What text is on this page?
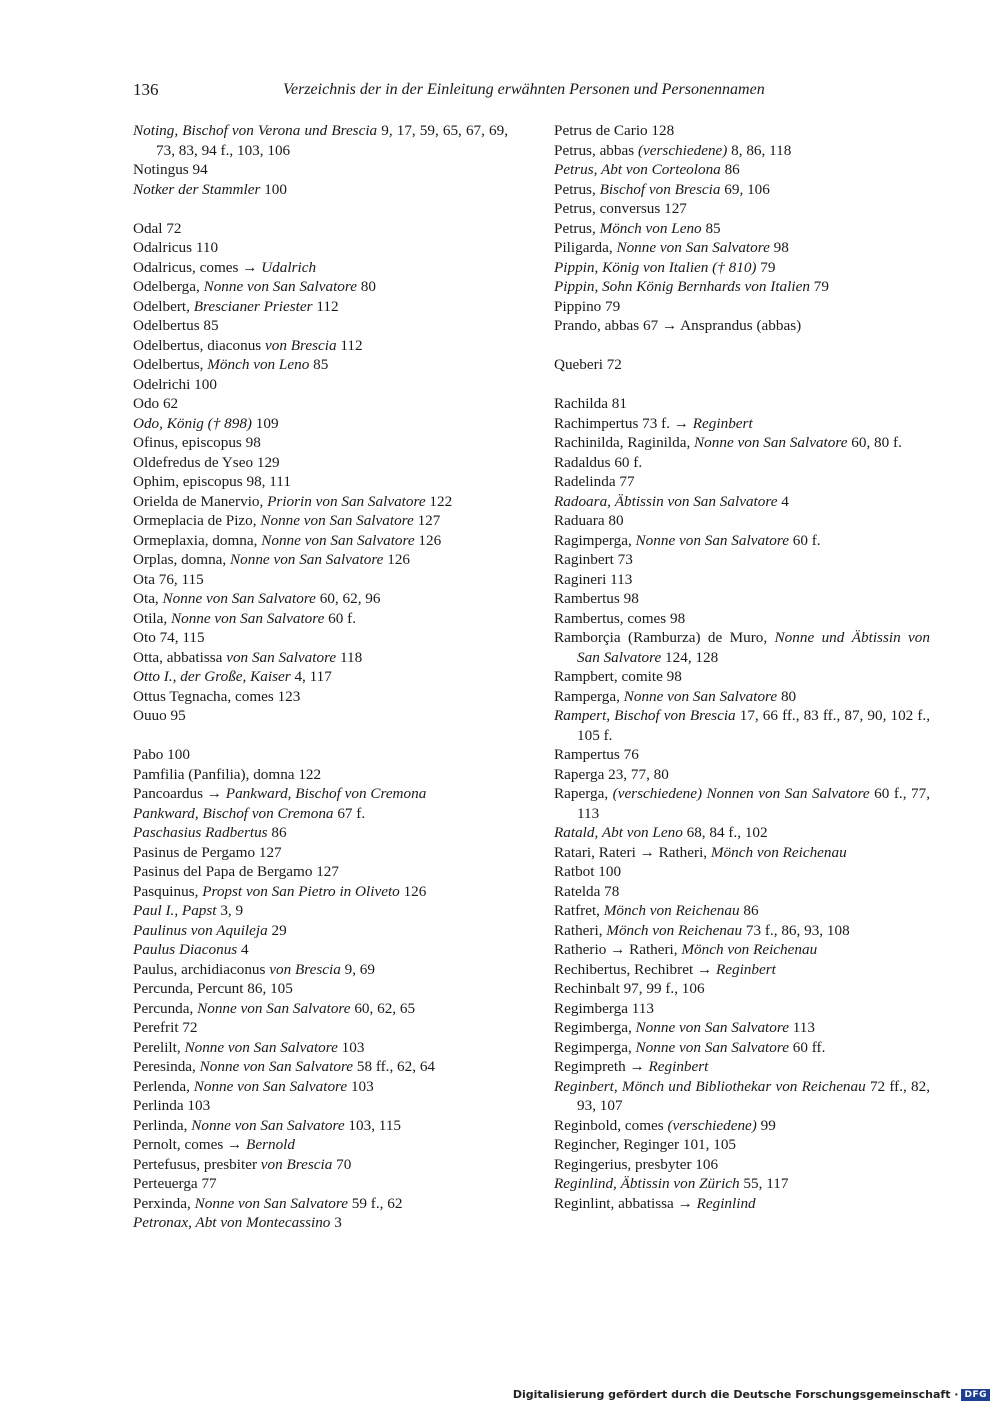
136	Verzeichnis der in der Einleitung erwähnten Personen und Personennamen
Noting, Bischof von Verona und Brescia 9, 17, 59, 65, 67, 69, 73, 83, 94 f., 103, 106
Notingus 94
Notker der Stammler 100
Odal 72
Odalricus 110
Odalricus, comes → Udalrich
Odelberga, Nonne von San Salvatore 80
Odelbert, Brescianer Priester 112
Odelbertus 85
Odelbertus, diaconus von Brescia 112
Odelbertus, Mönch von Leno 85
Odelrichi 100
Odo 62
Odo, König († 898) 109
Ofinus, episcopus 98
Oldefredus de Yseo 129
Ophim, episcopus 98, 111
Orielda de Manervio, Priorin von San Salvatore 122
Ormeplacia de Pizo, Nonne von San Salvatore 127
Ormeplaxia, domna, Nonne von San Salvatore 126
Orplas, domna, Nonne von San Salvatore 126
Ota 76, 115
Ota, Nonne von San Salvatore 60, 62, 96
Otila, Nonne von San Salvatore 60 f.
Oto 74, 115
Otta, abbatissa von San Salvatore 118
Otto I., der Große, Kaiser 4, 117
Ottus Tegnacha, comes 123
Ouuo 95
Pabo 100
Pamfilia (Panfilia), domna 122
Pancoardus → Pankward, Bischof von Cremona
Pankward, Bischof von Cremona 67 f.
Paschasius Radbertus 86
Pasinus de Pergamo 127
Pasinus del Papa de Bergamo 127
Pasquinus, Propst von San Pietro in Oliveto 126
Paul I., Papst 3, 9
Paulinus von Aquileja 29
Paulus Diaconus 4
Paulus, archidiaconus von Brescia 9, 69
Percunda, Percunt 86, 105
Percunda, Nonne von San Salvatore 60, 62, 65
Perefrit 72
Perelilt, Nonne von San Salvatore 103
Peresinda, Nonne von San Salvatore 58 ff., 62, 64
Perlenda, Nonne von San Salvatore 103
Perlinda 103
Perlinda, Nonne von San Salvatore 103, 115
Pernolt, comes → Bernold
Pertefusus, presbiter von Brescia 70
Perteuerga 77
Perxinda, Nonne von San Salvatore 59 f., 62
Petronax, Abt von Montecassino 3
Petrus de Cario 128
Petrus, abbas (verschiedene) 8, 86, 118
Petrus, Abt von Corteolona 86
Petrus, Bischof von Brescia 69, 106
Petrus, conversus 127
Petrus, Mönch von Leno 85
Piligarda, Nonne von San Salvatore 98
Pippin, König von Italien († 810) 79
Pippin, Sohn König Bernhards von Italien 79
Pippino 79
Prando, abbas 67 → Ansprandus (abbas)
Queberi 72
Rachilda 81
Rachimpertus 73 f. → Reginbert
Rachinilda, Raginilda, Nonne von San Salvatore 60, 80 f.
Radaldus 60 f.
Radelinda 77
Radoara, Äbtissin von San Salvatore 4
Raduara 80
Ragimperga, Nonne von San Salvatore 60 f.
Raginbert 73
Ragineri 113
Rambertus 98
Rambertus, comes 98
Ramborçia (Ramburza) de Muro, Nonne und Äbtissin von San Salvatore 124, 128
Rampbert, comite 98
Ramperga, Nonne von San Salvatore 80
Rampert, Bischof von Brescia 17, 66 ff., 83 ff., 87, 90, 102 f., 105 f.
Rampertus 76
Raperga 23, 77, 80
Raperga, (verschiedene) Nonnen von San Salvatore 60 f., 77, 113
Ratald, Abt von Leno 68, 84 f., 102
Ratari, Rateri → Ratheri, Mönch von Reichenau
Ratbot 100
Ratelda 78
Ratfret, Mönch von Reichenau 86
Ratheri, Mönch von Reichenau 73 f., 86, 93, 108
Ratherio → Ratheri, Mönch von Reichenau
Rechibertus, Rechibret → Reginbert
Rechinbalt 97, 99 f., 106
Regimberga 113
Regimberga, Nonne von San Salvatore 113
Regimperga, Nonne von San Salvatore 60 ff.
Regimpreth → Reginbert
Reginbert, Mönch und Bibliothekar von Reichenau 72 ff., 82, 93, 107
Reginbold, comes (verschiedene) 99
Regincher, Reginger 101, 105
Regingerius, presbyter 106
Reginlind, Äbtissin von Zürich 55, 117
Reginlint, abbatissa → Reginlind
Digitalisierung gefördert durch die Deutsche Forschungsgemeinschaft · DFG
